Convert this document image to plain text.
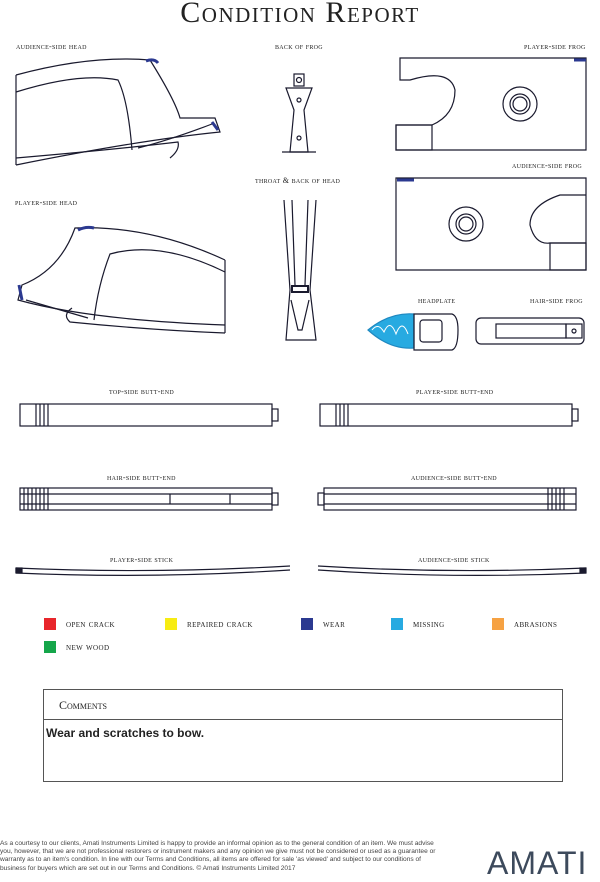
Condition Report
audience-side head	back of frog	player-side frog
audience-side frog
throat & back of head
player-side head
headplate	hair-side frog
top-side butt-end	player-side butt-end
hair-side butt-end	audience-side butt-end
player-side stick	audience-side stick
open crack	repaired crack	wear	missing	abrasions
new wood
Comments
Wear and scratches to bow.
As a courtesy to our clients, Amati Instruments Limited is happy to provide an informal opinion as to the general condition of an item. We must advise you, however, that we are not professional restorers or instrument makers and any opinion we give must not be considered or used as a guarantee or warranty as to an item's condition. In line with our Terms and Conditions, all items are offered for sale 'as viewed' and subject to our conditions of business for buyers which are set out in our Terms and Conditions. © Amati Instruments Limited 2017	AMATI
